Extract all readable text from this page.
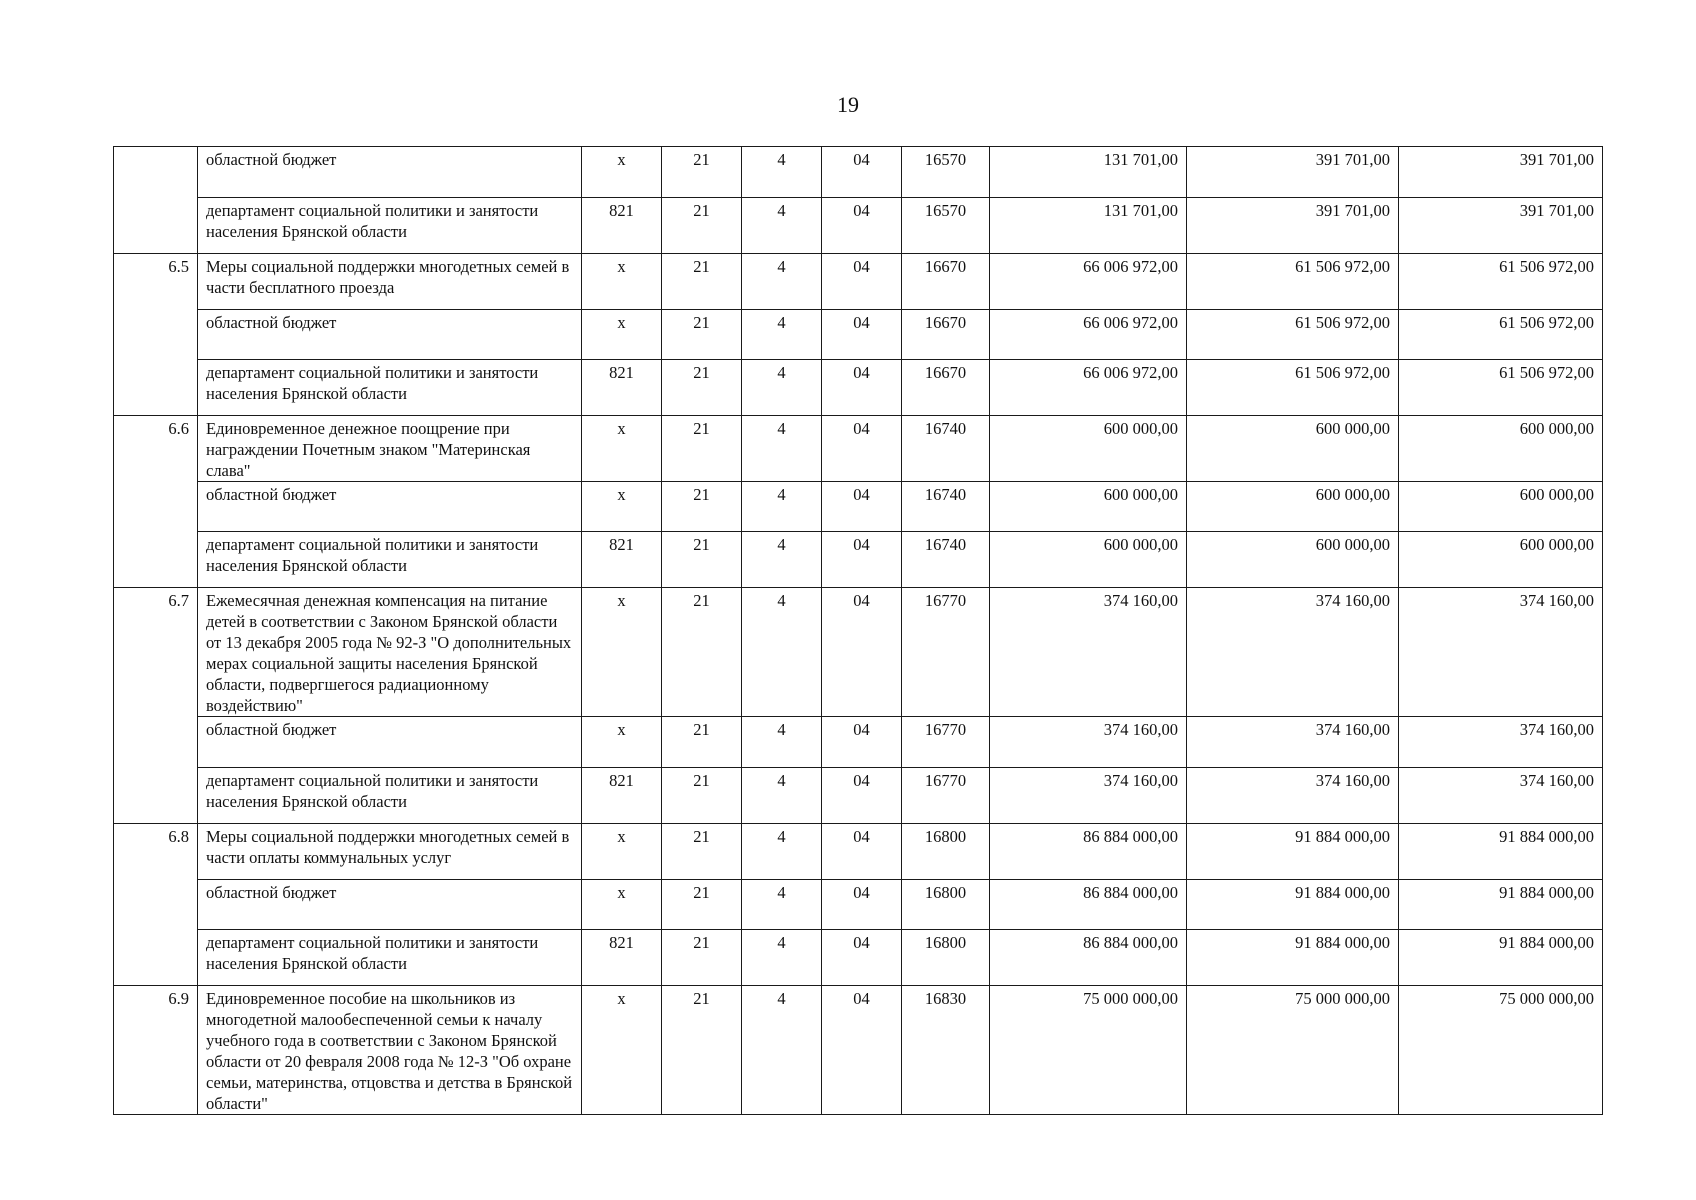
19
	областной бюджет	х	21	4	04	16570	131 701,00	391 701,00	391 701,00
	департамент социальной политики и занятости населения Брянской области	821	21	4	04	16570	131 701,00	391 701,00	391 701,00
6.5	Меры социальной поддержки многодетных семей в части бесплатного проезда	х	21	4	04	16670	66 006 972,00	61 506 972,00	61 506 972,00
	областной бюджет	х	21	4	04	16670	66 006 972,00	61 506 972,00	61 506 972,00
	департамент социальной политики и занятости населения Брянской области	821	21	4	04	16670	66 006 972,00	61 506 972,00	61 506 972,00
6.6	Единовременное денежное поощрение при награждении Почетным знаком "Материнская слава"	х	21	4	04	16740	600 000,00	600 000,00	600 000,00
	областной бюджет	х	21	4	04	16740	600 000,00	600 000,00	600 000,00
	департамент социальной политики и занятости населения Брянской области	821	21	4	04	16740	600 000,00	600 000,00	600 000,00
6.7	Ежемесячная денежная компенсация на питание детей в соответствии с Законом Брянской области от 13 декабря 2005 года № 92-З "О дополнительных мерах социальной защиты населения Брянской области, подвергшегося радиационному воздействию"	х	21	4	04	16770	374 160,00	374 160,00	374 160,00
	областной бюджет	х	21	4	04	16770	374 160,00	374 160,00	374 160,00
	департамент социальной политики и занятости населения Брянской области	821	21	4	04	16770	374 160,00	374 160,00	374 160,00
6.8	Меры социальной поддержки многодетных семей в части оплаты коммунальных услуг	х	21	4	04	16800	86 884 000,00	91 884 000,00	91 884 000,00
	областной бюджет	х	21	4	04	16800	86 884 000,00	91 884 000,00	91 884 000,00
	департамент социальной политики и занятости населения Брянской области	821	21	4	04	16800	86 884 000,00	91 884 000,00	91 884 000,00
6.9	Единовременное пособие на школьников из многодетной малообеспеченной семьи к началу учебного года в соответствии с Законом Брянской области от 20 февраля 2008 года № 12-З "Об охране семьи, материнства, отцовства и детства в Брянской области"	х	21	4	04	16830	75 000 000,00	75 000 000,00	75 000 000,00
